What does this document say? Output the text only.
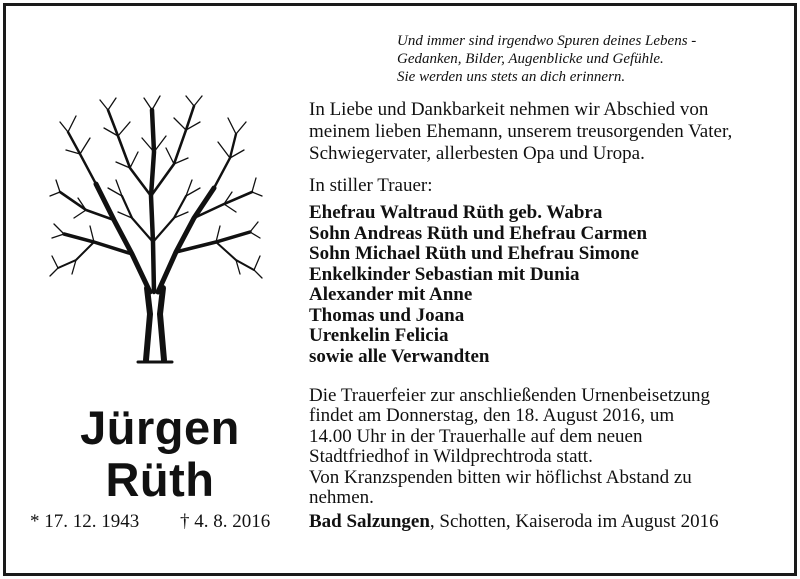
Und immer sind irgendwo Spuren deines Lebens -
Gedanken, Bilder, Augenblicke und Gefühle.
Sie werden uns stets an dich erinnern.
In Liebe und Dankbarkeit nehmen wir Abschied von
meinem lieben Ehemann, unserem treusorgenden Vater,
Schwiegervater, allerbesten Opa und Uropa.
In stiller Trauer:
Ehefrau Waltraud Rüth geb. Wabra
Sohn Andreas Rüth und Ehefrau Carmen
Sohn Michael Rüth und Ehefrau Simone
Enkelkinder Sebastian mit Dunia
Alexander mit Anne
Thomas und Joana
Urenkelin Felicia
sowie alle Verwandten
Die Trauerfeier zur anschließenden Urnenbeisetzung
findet am Donnerstag, den 18. August 2016, um
14.00 Uhr in der Trauerhalle auf dem neuen
Stadtfriedhof in Wildprechtroda statt.
Von Kranzspenden bitten wir höflichst Abstand zu
nehmen.
Bad Salzungen, Schotten, Kaiseroda im August 2016
Jürgen
Rüth
* 17. 12. 1943 † 4. 8. 2016
